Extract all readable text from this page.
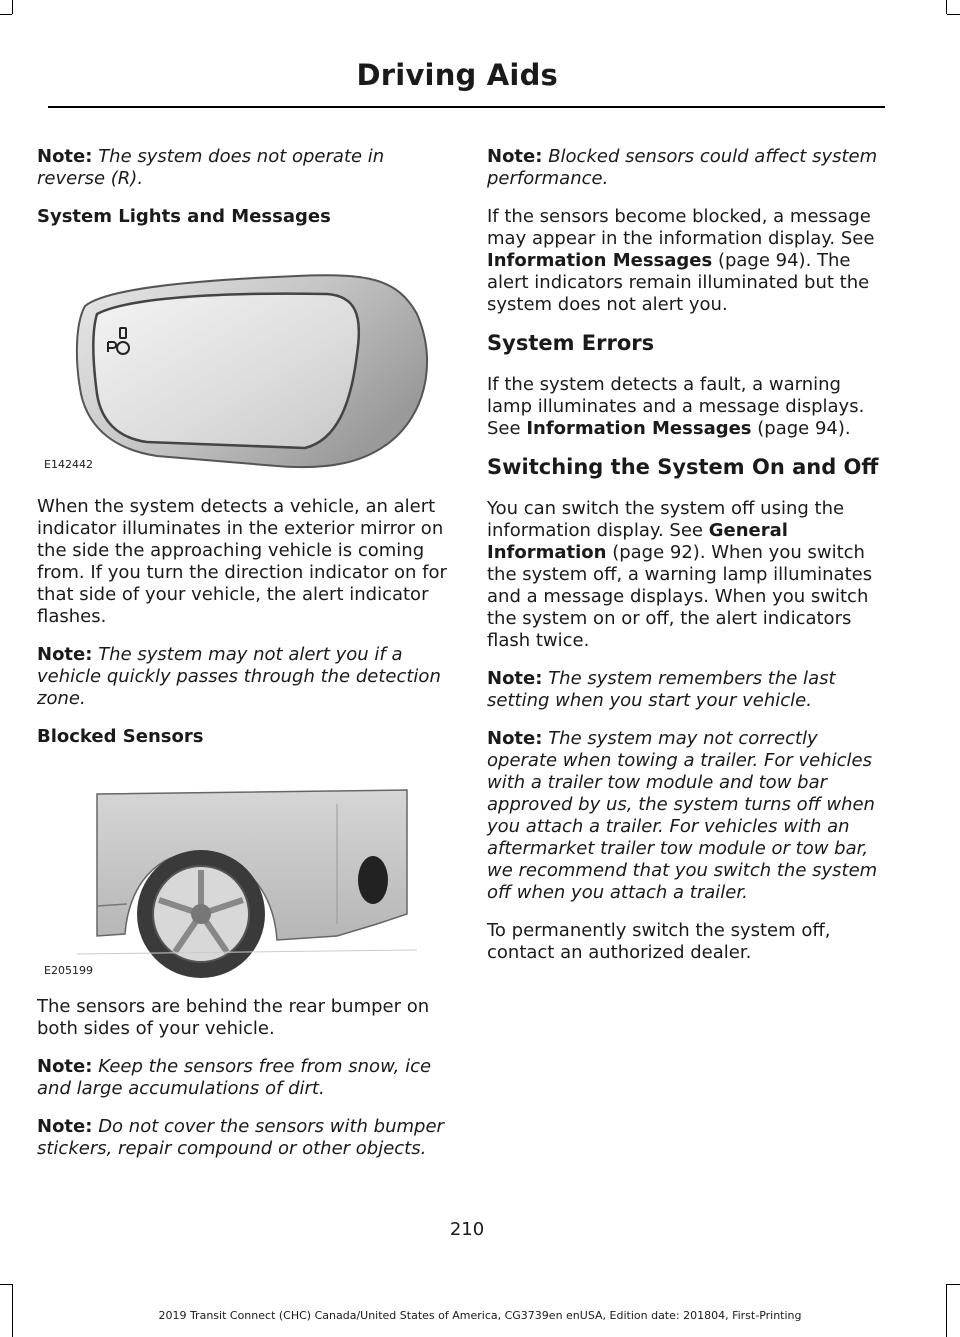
Driving Aids

Note: The system does not operate in reverse (R).

System Lights and Messages

E142442

When the system detects a vehicle, an alert indicator illuminates in the exterior mirror on the side the approaching vehicle is coming from. If you turn the direction indicator on for that side of your vehicle, the alert indicator flashes.

Note: The system may not alert you if a vehicle quickly passes through the detection zone.

Blocked Sensors

E205199

The sensors are behind the rear bumper on both sides of your vehicle.

Note: Keep the sensors free from snow, ice and large accumulations of dirt.

Note: Do not cover the sensors with bumper stickers, repair compound or other objects.

Note: Blocked sensors could affect system performance.

If the sensors become blocked, a message may appear in the information display. See Information Messages (page 94). The alert indicators remain illuminated but the system does not alert you.

System Errors

If the system detects a fault, a warning lamp illuminates and a message displays. See Information Messages (page 94).

Switching the System On and Off

You can switch the system off using the information display. See General Information (page 92). When you switch the system off, a warning lamp illuminates and a message displays. When you switch the system on or off, the alert indicators flash twice.

Note: The system remembers the last setting when you start your vehicle.

Note: The system may not correctly operate when towing a trailer. For vehicles with a trailer tow module and tow bar approved by us, the system turns off when you attach a trailer. For vehicles with an aftermarket trailer tow module or tow bar, we recommend that you switch the system off when you attach a trailer.

To permanently switch the system off, contact an authorized dealer.

210
2019 Transit Connect (CHC) Canada/United States of America, CG3739en enUSA, Edition date: 201804, First-Printing
